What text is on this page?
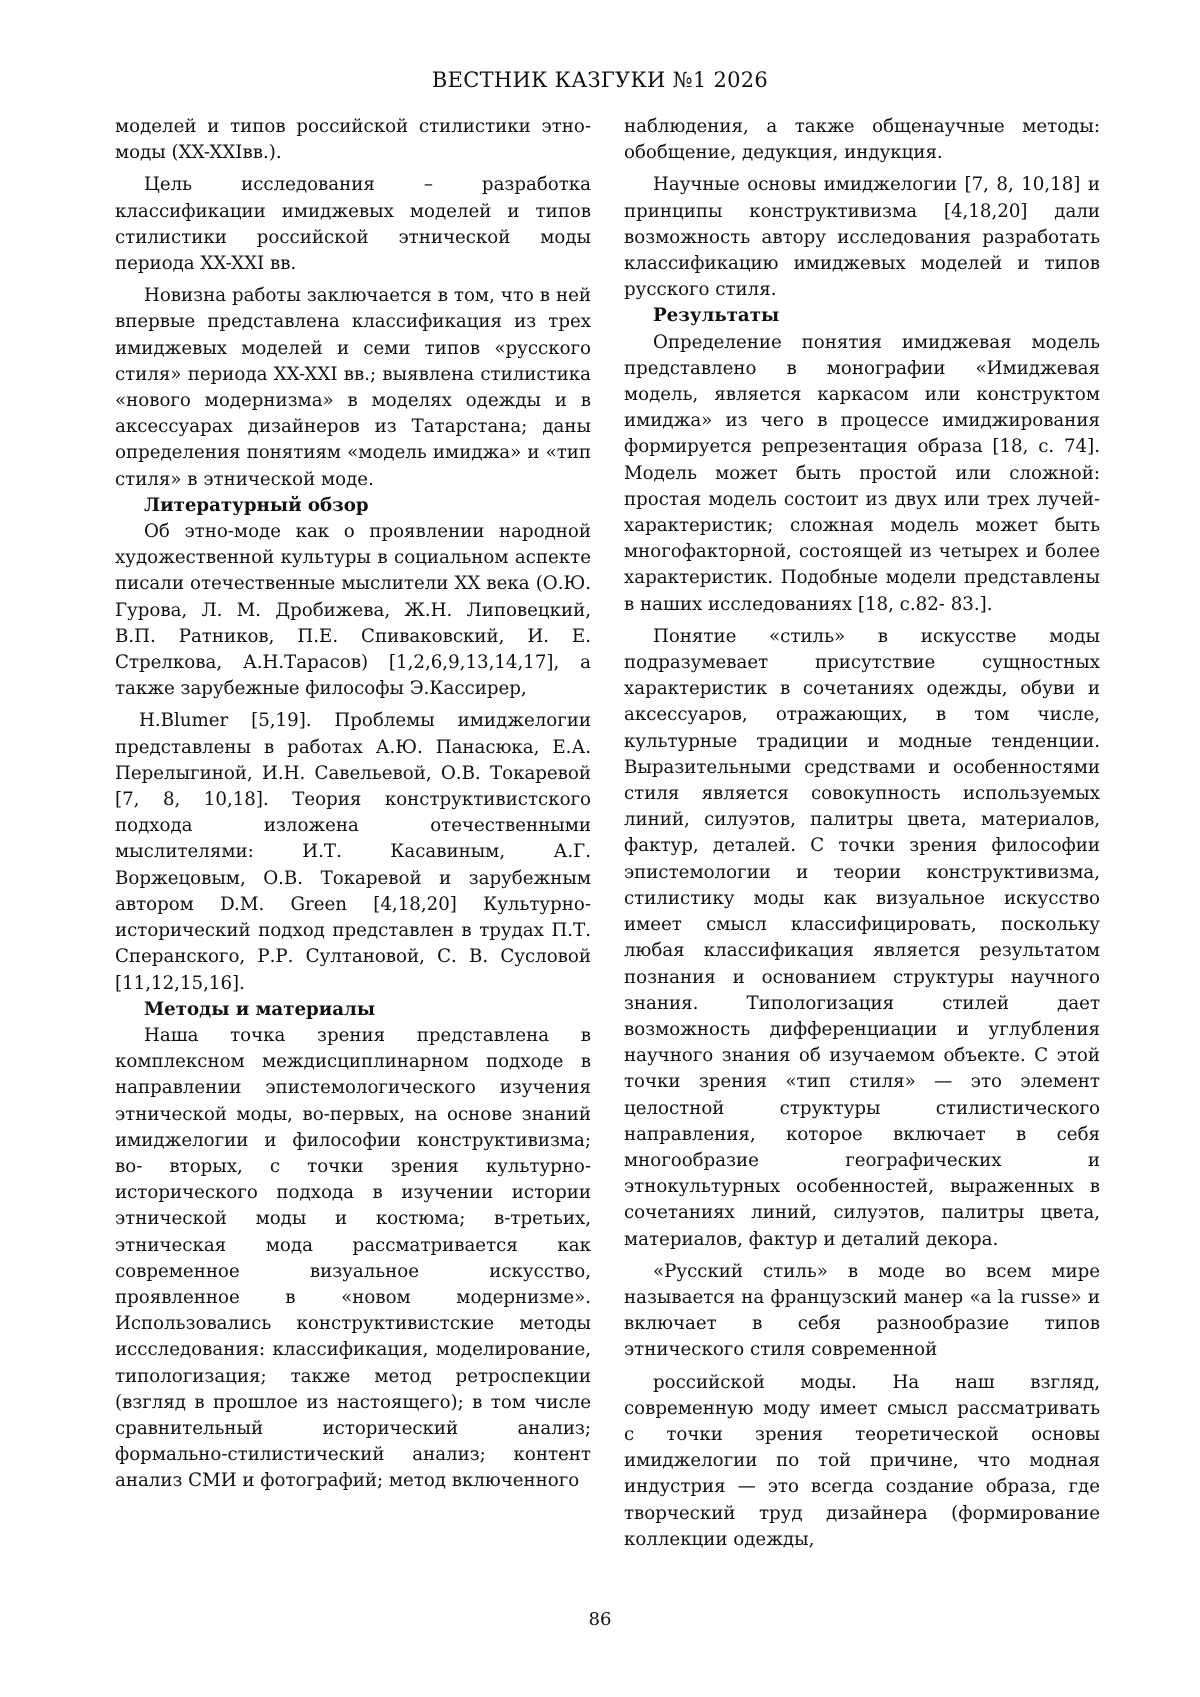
ВЕСТНИК КАЗГУКИ №1 2026

моделей и типов российской стилистики этно-моды (XX-XXIвв.).

Цель исследования – разработка классификации имиджевых моделей и типов стилистики российской этнической моды периода XX-XXI вв.

Новизна работы заключается в том, что в ней впервые представлена классификация из трех имиджевых моделей и семи типов «русского стиля» периода XX-XXI вв.; выявлена стилистика «нового модернизма» в моделях одежды и в аксессуарах дизайнеров из Татарстана; даны определения понятиям «модель имиджа» и «тип стиля» в этнической моде.

Литературный обзор

Об этно-моде как о проявлении народной художественной культуры в социальном аспекте писали отечественные мыслители XX века (О.Ю. Гурова, Л. М. Дробижева, Ж.Н. Липовецкий, В.П. Ратников, П.Е. Спиваковский, И. Е. Стрелкова, А.Н.Тарасов) [1,2,6,9,13,14,17], а также зарубежные философы Э.Кассирер,

H.Blumer [5,19]. Проблемы имиджелогии представлены в работах А.Ю. Панасюка, Е.А. Перелыгиной, И.Н. Савельевой, О.В. Токаревой [7, 8, 10,18]. Теория конструктивистского подхода изложена отечественными мыслителями: И.Т. Касавиным, А.Г. Воржецовым, О.В. Токаревой и зарубежным автором D.M. Green [4,18,20] Культурно-исторический подход представлен в трудах П.Т. Сперанского, Р.Р. Султановой, С. В. Сусловой [11,12,15,16].

Методы и материалы

Наша точка зрения представлена в комплексном междисциплинарном подходе в направлении эпистемологического изучения этнической моды, во-первых, на основе знаний имиджелогии и философии конструктивизма; во- вторых, с точки зрения культурно-исторического подхода в изучении истории этнической моды и костюма; в-третьих, этническая мода рассматривается как современное визуальное искусство, проявленное в «новом модернизме». Использовались конструктивистские методы иссследования: классификация, моделирование, типологизация; также метод ретроспекции (взгляд в прошлое из настоящего); в том числе сравнительный исторический анализ; формально-стилистический анализ; контент анализ СМИ и фотографий; метод включенного

наблюдения, а также общенаучные методы: обобщение, дедукция, индукция.

Научные основы имиджелогии [7, 8, 10,18] и принципы конструктивизма [4,18,20] дали возможность автору исследования разработать классификацию имиджевых моделей и типов русского стиля.

Результаты

Определение понятия имиджевая модель представлено в монографии «Имиджевая модель, является каркасом или конструктом имиджа» из чего в процессе имиджирования формируется репрезентация образа [18, с. 74]. Модель может быть простой или сложной: простая модель состоит из двух или трех лучей-характеристик; сложная модель может быть многофакторной, состоящей из четырех и более характеристик. Подобные модели представлены в наших исследованиях [18, с.82- 83.].

Понятие «стиль» в искусстве моды подразумевает присутствие сущностных характеристик в сочетаниях одежды, обуви и аксессуаров, отражающих, в том числе, культурные традиции и модные тенденции. Выразительными средствами и особенностями стиля является совокупность используемых линий, силуэтов, палитры цвета, материалов, фактур, деталей. С точки зрения философии эпистемологии и теории конструктивизма, стилистику моды как визуальное искусство имеет смысл классифицировать, поскольку любая классификация является результатом познания и основанием структуры научного знания. Типологизация стилей дает возможность дифференциации и углубления научного знания об изучаемом объекте. С этой точки зрения «тип стиля» — это элемент целостной структуры стилистического направления, которое включает в себя многообразие географических и этнокультурных особенностей, выраженных в сочетаниях линий, силуэтов, палитры цвета, материалов, фактур и деталий декора.

«Русский стиль» в моде во всем мире называется на французский манер «a la russe» и включает в себя разнообразие типов этнического стиля современной

российской моды. На наш взгляд, современную моду имеет смысл рассматривать с точки зрения теоретической основы имиджелогии по той причине, что модная индустрия — это всегда создание образа, где творческий труд дизайнера (формирование коллекции одежды,

86
